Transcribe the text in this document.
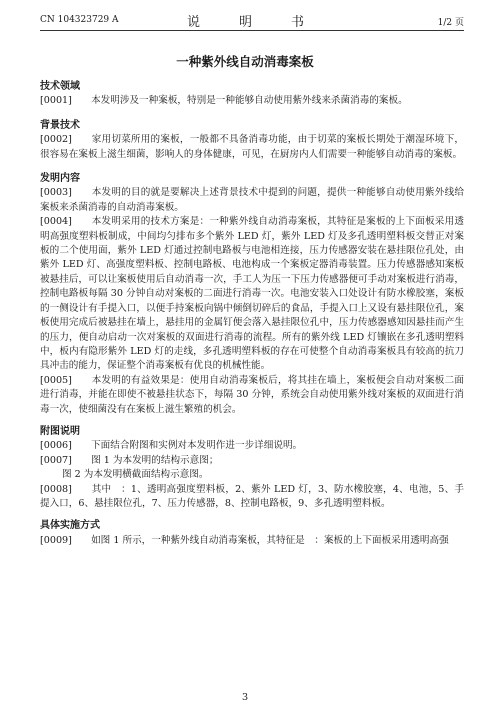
CN 104323729 A	说　明　书	1/2 页
一种紫外线自动消毒案板

技术领域

[0001]　　本发明涉及一种案板，特别是一种能够自动使用紫外线来杀菌消毒的案板。

背景技术

[0002]　　家用切菜所用的案板，一般都不具备消毒功能，由于切菜的案板长期处于潮湿环境下，很容易在案板上滋生细菌，影响人的身体健康，可见，在厨房内人们需要一种能够自动消毒的案板。

发明内容

[0003]　　本发明的目的就是要解决上述背景技术中提到的问题，提供一种能够自动使用紫外线给案板来杀菌消毒的自动消毒案板。

[0004]　　本发明采用的技术方案是：一种紫外线自动消毒案板，其特征是案板的上下面板采用透明高强度塑料板制成，中间均匀排布多个紫外 LED 灯，紫外 LED 灯及多孔透明塑料板交替正对案板的二个使用面，紫外 LED 灯通过控制电路板与电池相连接，压力传感器安装在悬挂限位孔处，由紫外 LED 灯、高强度塑料板、控制电路板、电池构成一个案板定器消毒装置。压力传感器感知案板被悬挂后，可以让案板使用后自动消毒一次，手工人为压一下压力传感器便可手动对案板进行消毒，控制电路板每隔 30 分钟自动对案板的二面进行消毒一次。电池安装入口处设计有防水橡胶塞，案板的一侧设计有手提入口，以便手持案板向锅中倾倒切碎后的食品，手提入口上又设有悬挂限位孔，案板使用完成后被悬挂在墙上，悬挂用的金属钉便会落入悬挂限位孔中，压力传感器感知因悬挂而产生的压力，便自动启动一次对案板的双面进行消毒的流程。所有的紫外线 LED 灯镶嵌在多孔透明塑料中，板内有隐形紫外 LED 灯的走线，多孔透明塑料板的存在可使整个自动消毒案板具有较高的抗刀具冲击的能力，保证整个消毒案板有优良的机械性能。

[0005]　　本发明的有益效果是：使用自动消毒案板后，将其挂在墙上，案板便会自动对案板二面进行消毒，并能在即使不被悬挂状态下，每隔 30 分钟，系统会自动使用紫外线对案板的双面进行消毒一次，使细菌没有在案板上滋生繁殖的机会。

附图说明

[0006]　　下面结合附图和实例对本发明作进一步详细说明。

[0007]　　图 1 为本发明的结构示意图；

图 2 为本发明横截面结构示意图。

[0008]　　其中　：1、透明高强度塑料板，2、紫外 LED 灯，3、防水橡胶塞，4、电池，5、手提入口，6、悬挂限位孔，7、压力传感器，8、控制电路板，9、多孔透明塑料板。

具体实施方式

[0009]　　如图 1 所示，一种紫外线自动消毒案板，其特征是　：案板的上下面板采用透明高强

3
